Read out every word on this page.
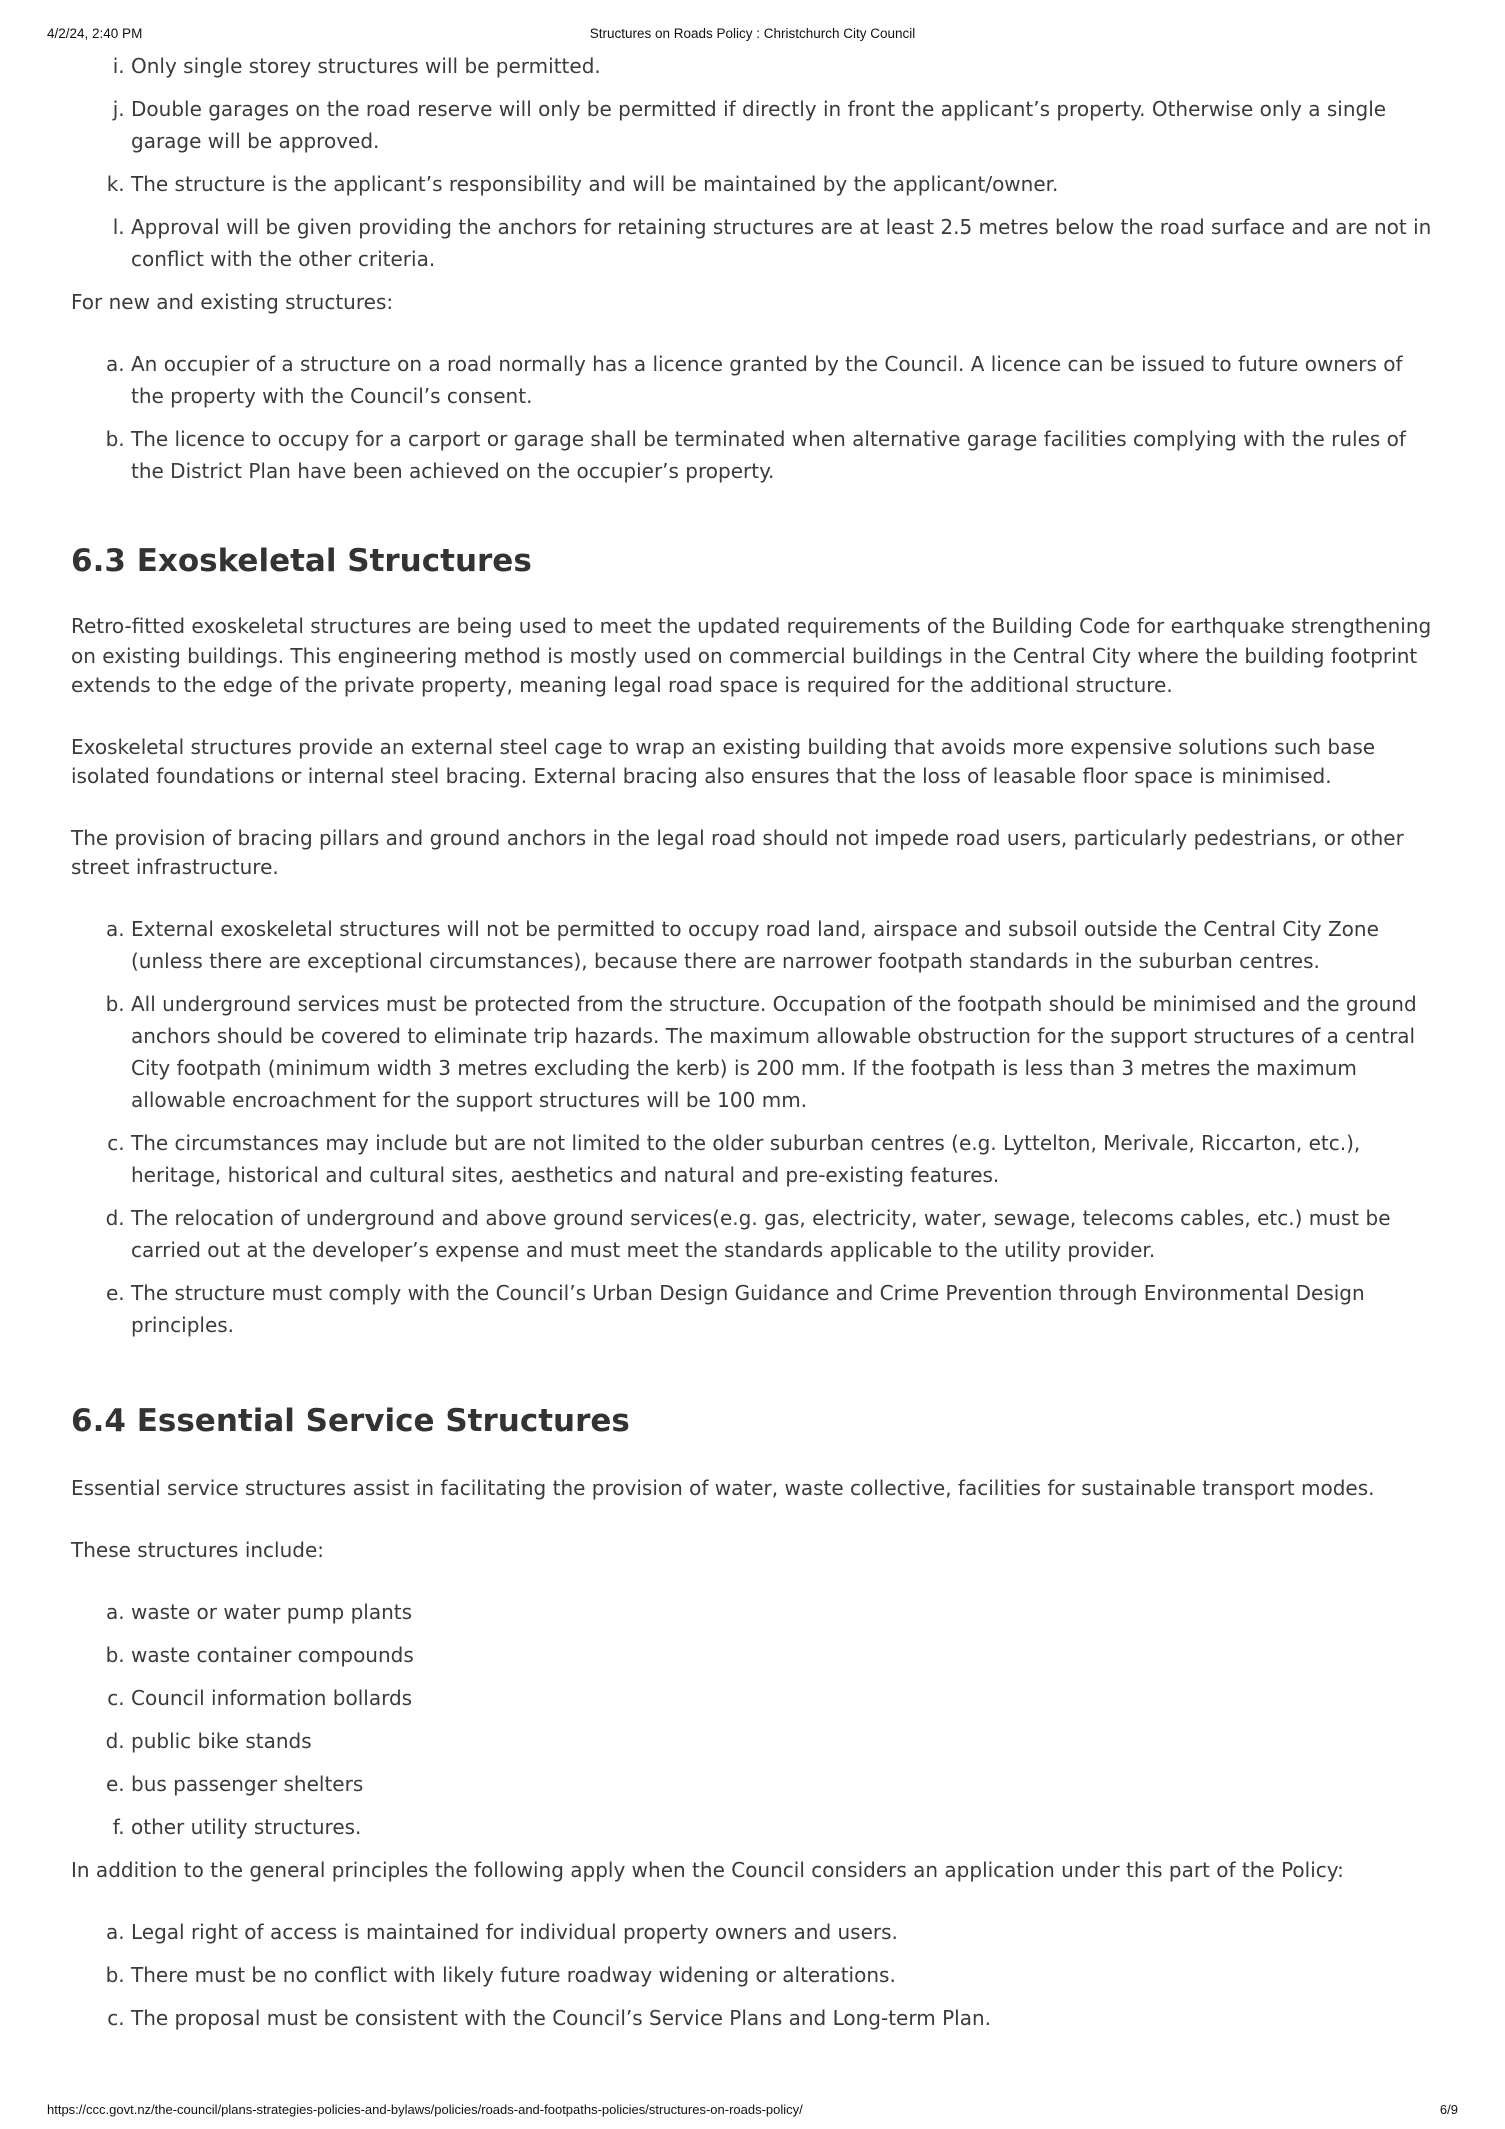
4/2/24, 2:40 PM	Structures on Roads Policy : Christchurch City Council
i. Only single storey structures will be permitted.
j. Double garages on the road reserve will only be permitted if directly in front the applicant’s property. Otherwise only a single garage will be approved.
k. The structure is the applicant’s responsibility and will be maintained by the applicant/owner.
l. Approval will be given providing the anchors for retaining structures are at least 2.5 metres below the road surface and are not in conflict with the other criteria.

For new and existing structures:

a. An occupier of a structure on a road normally has a licence granted by the Council. A licence can be issued to future owners of the property with the Council’s consent.
b. The licence to occupy for a carport or garage shall be terminated when alternative garage facilities complying with the rules of the District Plan have been achieved on the occupier’s property.
6.3 Exoskeletal Structures

Retro-fitted exoskeletal structures are being used to meet the updated requirements of the Building Code for earthquake strengthening on existing buildings. This engineering method is mostly used on commercial buildings in the Central City where the building footprint extends to the edge of the private property, meaning legal road space is required for the additional structure.

Exoskeletal structures provide an external steel cage to wrap an existing building that avoids more expensive solutions such base isolated foundations or internal steel bracing. External bracing also ensures that the loss of leasable floor space is minimised.

The provision of bracing pillars and ground anchors in the legal road should not impede road users, particularly pedestrians, or other street infrastructure.

a. External exoskeletal structures will not be permitted to occupy road land, airspace and subsoil outside the Central City Zone (unless there are exceptional circumstances), because there are narrower footpath standards in the suburban centres.
b. All underground services must be protected from the structure. Occupation of the footpath should be minimised and the ground anchors should be covered to eliminate trip hazards. The maximum allowable obstruction for the support structures of a central City footpath (minimum width 3 metres excluding the kerb) is 200 mm. If the footpath is less than 3 metres the maximum allowable encroachment for the support structures will be 100 mm.
c. The circumstances may include but are not limited to the older suburban centres (e.g. Lyttelton, Merivale, Riccarton, etc.), heritage, historical and cultural sites, aesthetics and natural and pre-existing features.
d. The relocation of underground and above ground services(e.g. gas, electricity, water, sewage, telecoms cables, etc.) must be carried out at the developer’s expense and must meet the standards applicable to the utility provider.
e. The structure must comply with the Council’s Urban Design Guidance and Crime Prevention through Environmental Design principles.
6.4 Essential Service Structures

Essential service structures assist in facilitating the provision of water, waste collective, facilities for sustainable transport modes.

These structures include:

a. waste or water pump plants
b. waste container compounds
c. Council information bollards
d. public bike stands
e. bus passenger shelters
f. other utility structures.

In addition to the general principles the following apply when the Council considers an application under this part of the Policy:

a. Legal right of access is maintained for individual property owners and users.
b. There must be no conflict with likely future roadway widening or alterations.
c. The proposal must be consistent with the Council’s Service Plans and Long-term Plan.
https://ccc.govt.nz/the-council/plans-strategies-policies-and-bylaws/policies/roads-and-footpaths-policies/structures-on-roads-policy/	6/9
